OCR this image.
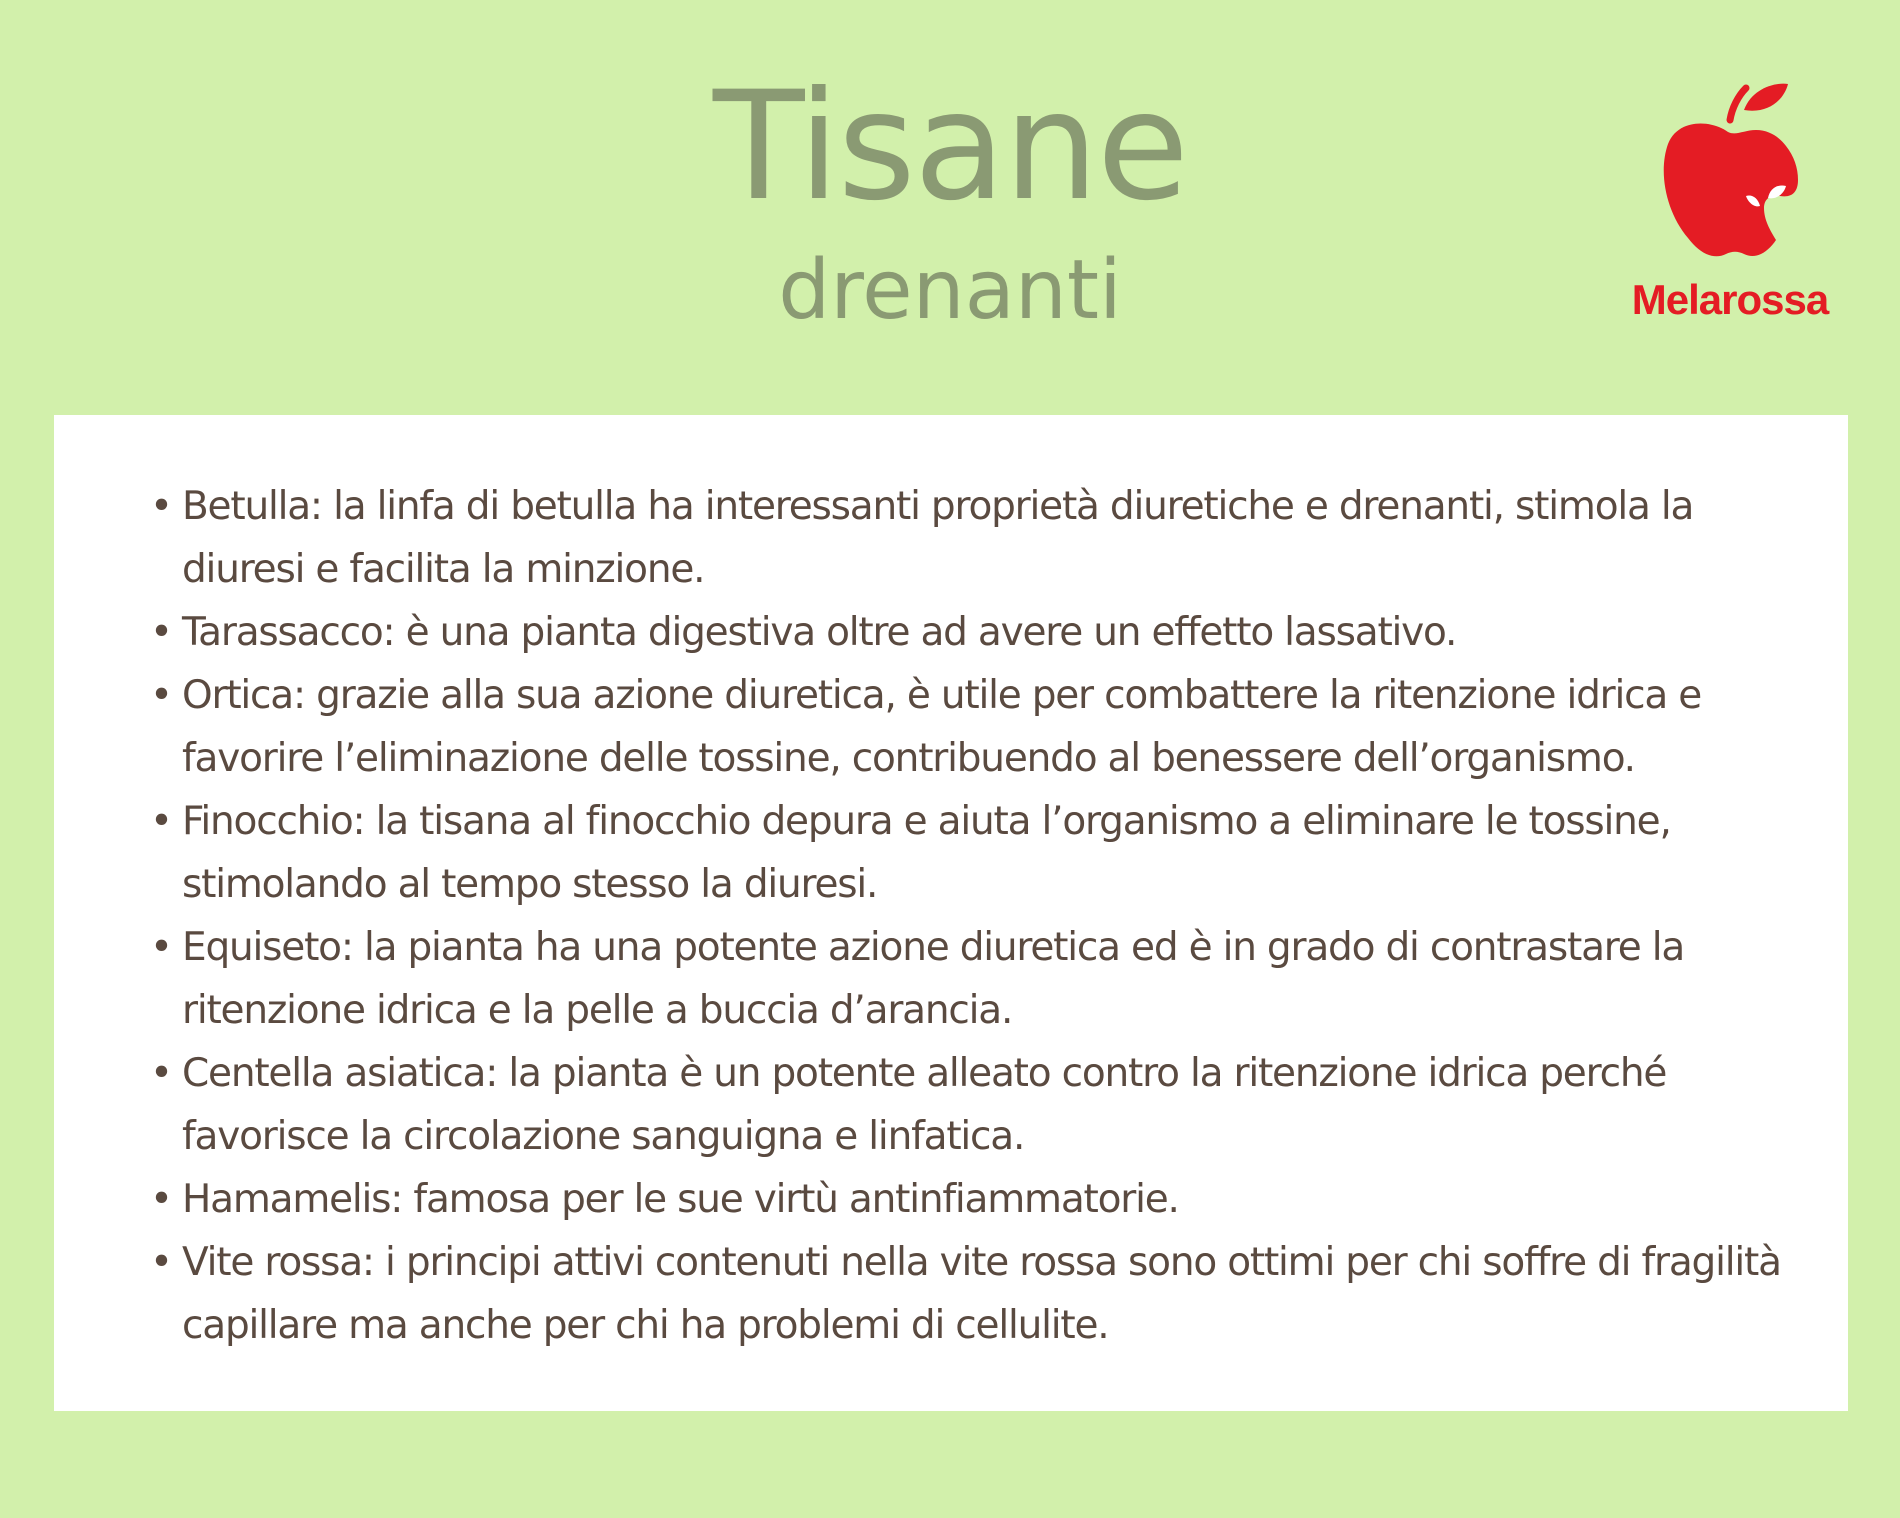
Tisane
drenanti	Melarossa
• Betulla: la linfa di betulla ha interessanti proprietà diuretiche e drenanti, stimola la diuresi e facilita la minzione.
• Tarassacco: è una pianta digestiva oltre ad avere un effetto lassativo.
• Ortica: grazie alla sua azione diuretica, è utile per combattere la ritenzione idrica e favorire l’eliminazione delle tossine, contribuendo al benessere dell’organismo.
• Finocchio: la tisana al finocchio depura e aiuta l’organismo a eliminare le tossine, stimolando al tempo stesso la diuresi.
• Equiseto: la pianta ha una potente azione diuretica ed è in grado di contrastare la ritenzione idrica e la pelle a buccia d’arancia.
• Centella asiatica: la pianta è un potente alleato contro la ritenzione idrica perché favorisce la circolazione sanguigna e linfatica.
• Hamamelis: famosa per le sue virtù antinfiammatorie.
• Vite rossa: i principi attivi contenuti nella vite rossa sono ottimi per chi soffre di fragilità capillare ma anche per chi ha problemi di cellulite.
